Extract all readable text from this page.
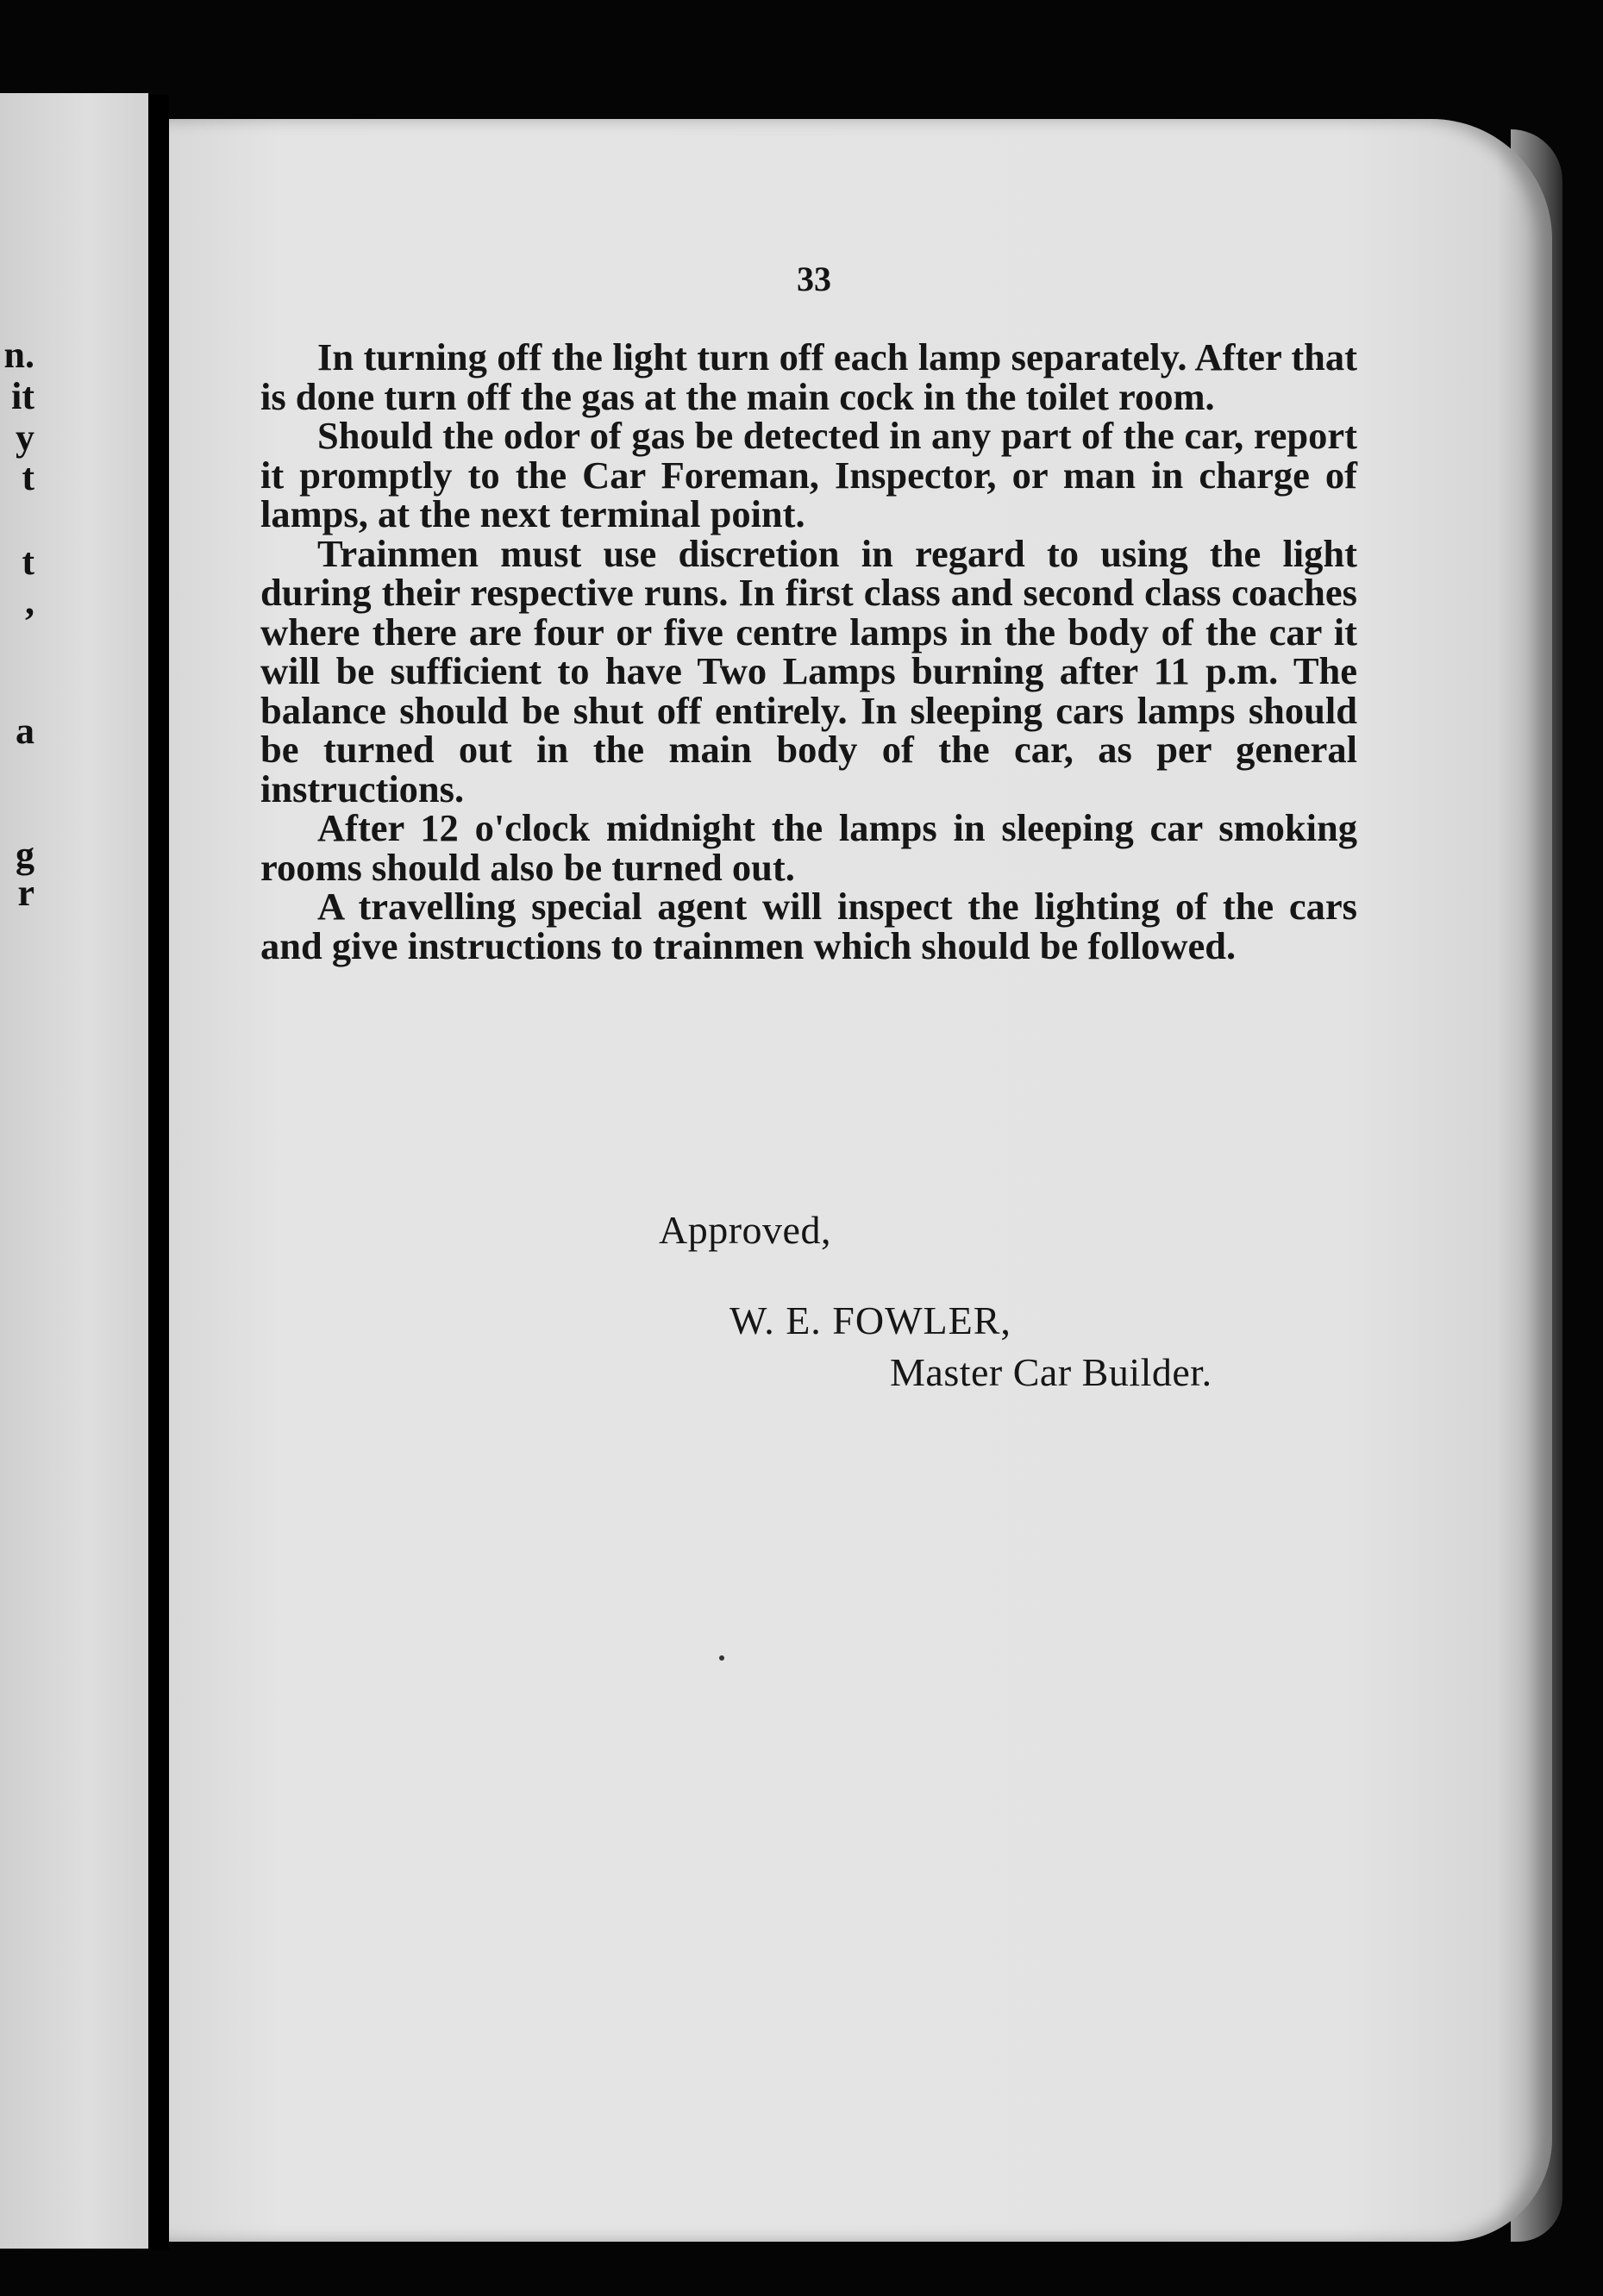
n.
it
y
t
t
,
a
g
r
33

In turning off the light turn off each lamp separately. After that is done turn off the gas at the main cock in the toilet room.

Should the odor of gas be detected in any part of the car, report it promptly to the Car Foreman, Inspector, or man in charge of lamps, at the next terminal point.

Trainmen must use discretion in regard to using the light during their respective runs. In first class and second class coaches where there are four or five centre lamps in the body of the car it will be sufficient to have Two Lamps burning after 11 p.m. The balance should be shut off entirely. In sleeping cars lamps should be turned out in the main body of the car, as per general instructions.

After 12 o'clock midnight the lamps in sleeping car smoking rooms should also be turned out.

A travelling special agent will inspect the lighting of the cars and give instructions to trainmen which should be followed.

Approved,
W. E. FOWLER,
Master Car Builder.
